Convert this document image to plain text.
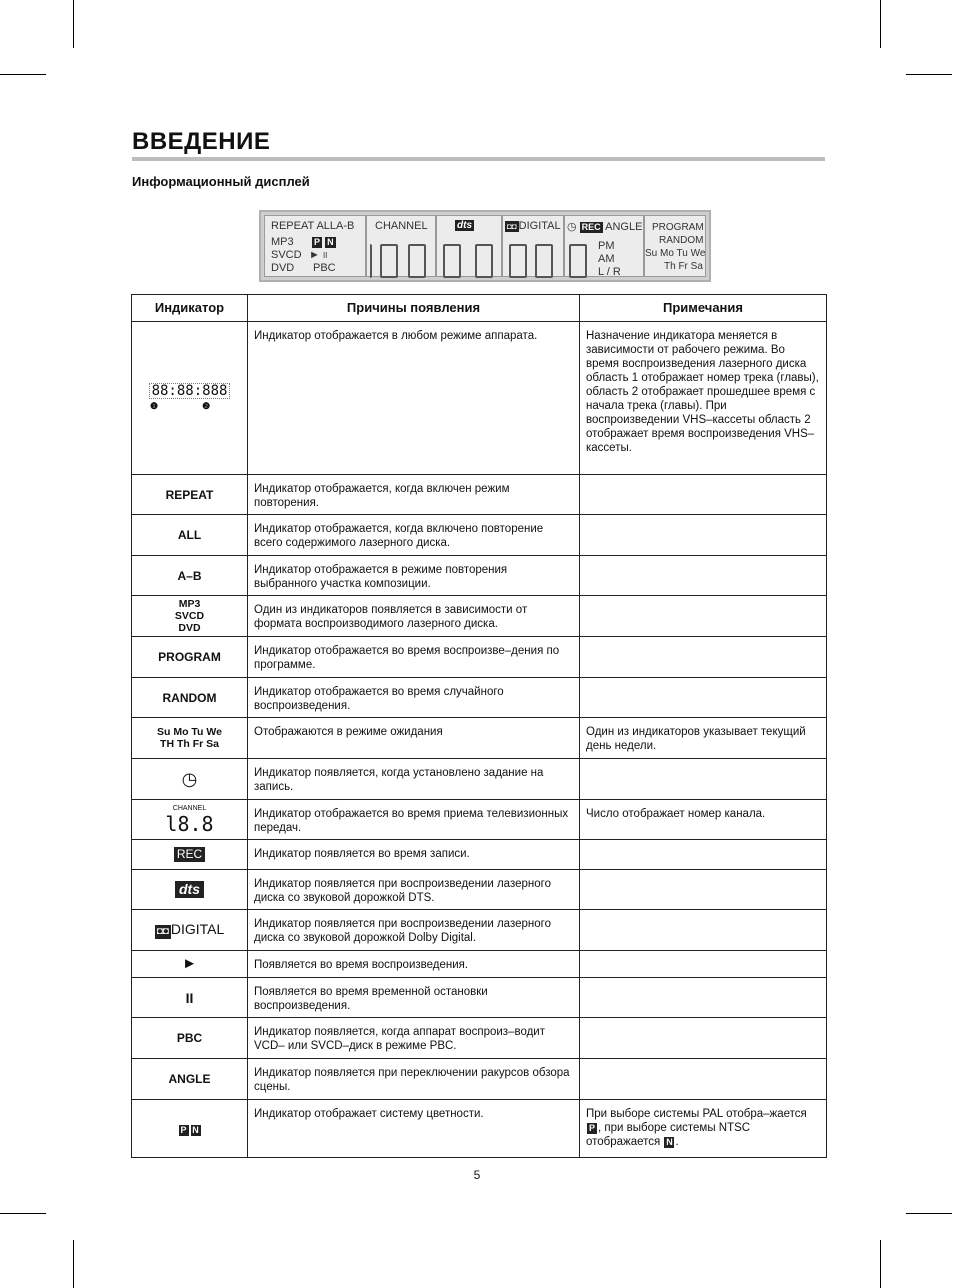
ВВЕДЕНИЕ
Информационный дисплей
REPEAT ALLA-B
MP3 P N
SVCD ► II
DVD PBC
CHANNEL	dts	◘◘ DIGITAL ◷ REC ANGLE
PM
AM
L / R
PROGRAM
RANDOM
Su Mo Tu We
Th Fr Sa
Индикатор	Причины появления	Примечания
88:88:888
❶ ❷	Индикатор отображается в любом режиме аппарата.	Назначение индикатора меняется в зависимости от рабочего режима. Во время воспроизведения лазерного диска область 1 отображает номер трека (главы), область 2 отображает прошедшее время с начала трека (главы). При воспроизведении VHS–кассеты область 2 отображает время воспроизведения VHS–кассеты.
REPEAT	Индикатор отображается, когда включен режим повторения.	
ALL	Индикатор отображается, когда включено повторение всего содержимого лазерного диска.	
A–B	Индикатор отображается в режиме повторения выбранного участка композиции.	

MP3
SVCD
DVD	Один из индикаторов появляется в зависимости от формата воспроизводимого лазерного диска.	
PROGRAM	Индикатор отображается во время воспроизве–дения по программе.	
RANDOM	Индикатор отображается во время случайного воспроизведения.	

Su Mo Tu We
TH Th Fr Sa	Отображаются в режиме ожидания	Один из индикаторов указывает текущий день недели.
◷	Индикатор появляется, когда установлено задание на запись.	

CHANNEL
l8.8	Индикатор отображается во время приема телевизионных передач.	Число отображает номер канала.
REC	Индикатор появляется во время записи.	
dts	Индикатор появляется при воспроизведении лазерного диска со звуковой дорожкой DTS.	
◘◘ DIGITAL	Индикатор появляется при воспроизведении лазерного диска со звуковой дорожкой Dolby Digital.	
►	Появляется во время воспроизведения.	
II	Появляется во время временной остановки воспроизведения.	
PBC	Индикатор появляется, когда аппарат воспроиз–водит VCD– или SVCD–диск в режиме PBC.	
ANGLE	Индикатор появляется при переключении ракурсов обзора сцены.	
P N	Индикатор отображает систему цветности.	При выборе системы PAL отобра–жается P , при выборе системы NTSC отображается N .
5
